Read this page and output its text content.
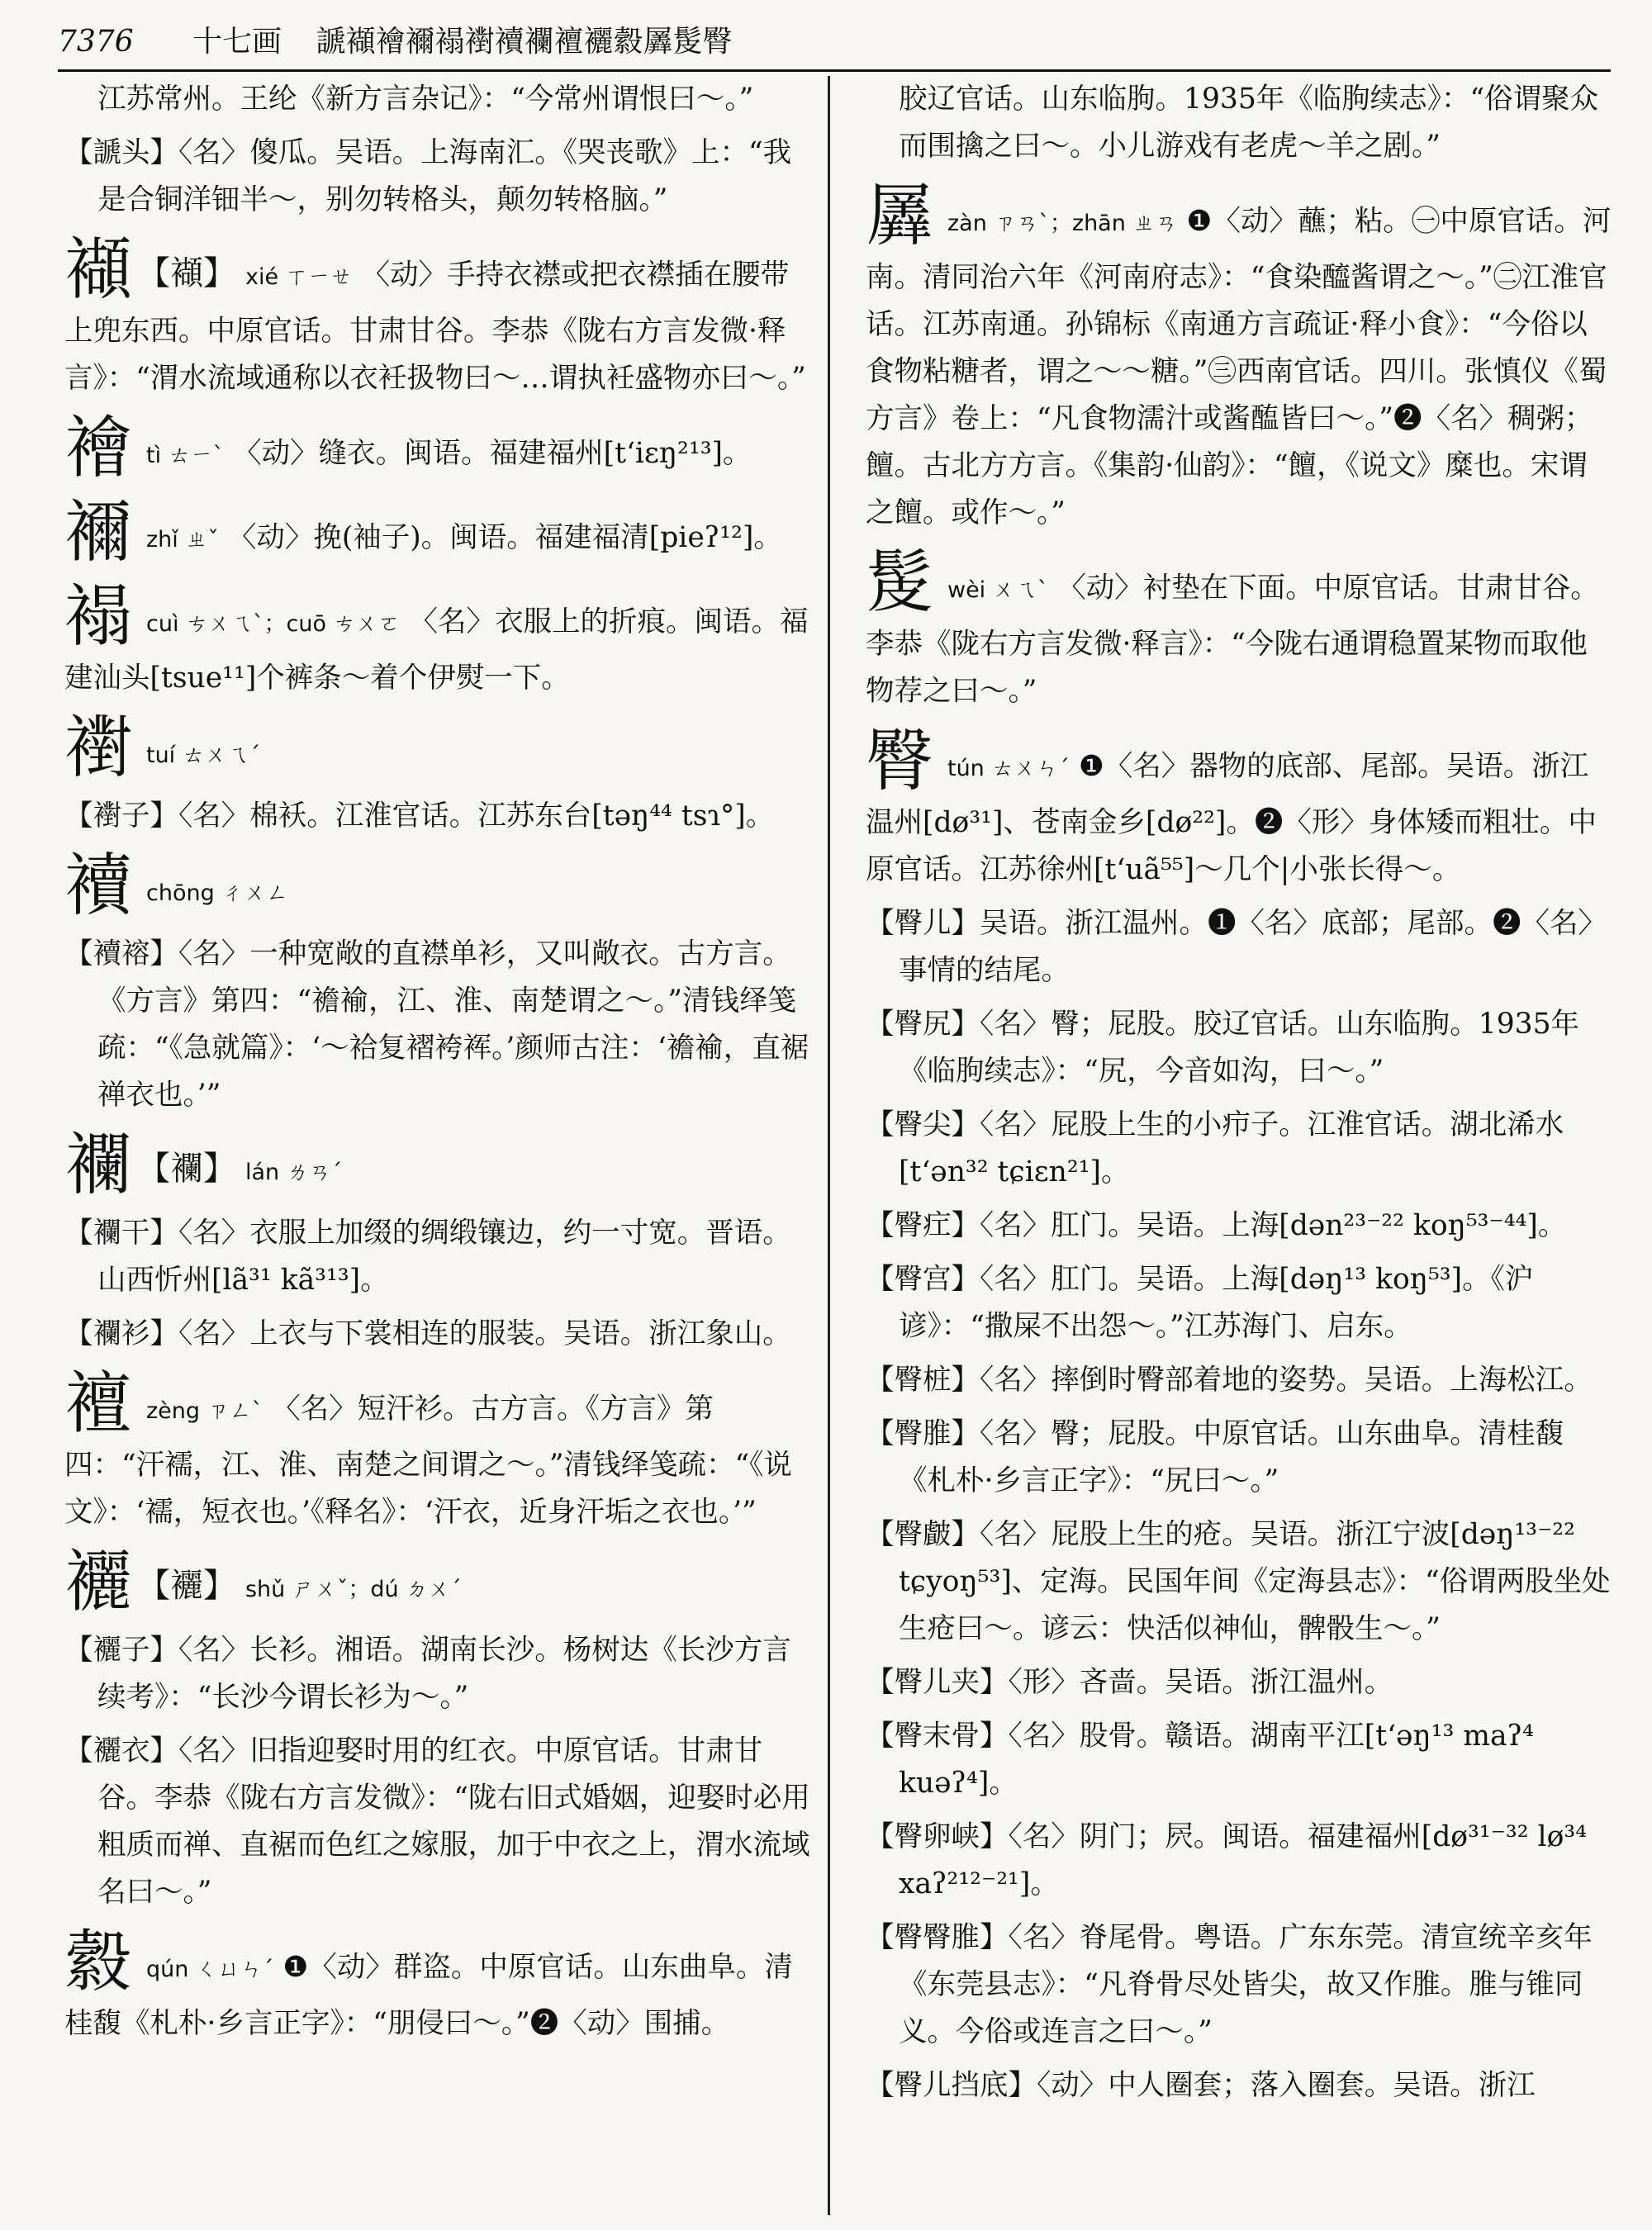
7376 十七画 謕襭襘襧褟襨襩襴襢襹縠羼髲臀

江苏常州。王纶《新方言杂记》：“今常州谓恨曰～。”

【謕头】〈名〉傻瓜。吴语。上海南汇。《哭丧歌》上：“我是合铜洋钿半～，别勿转格头，颠勿转格脑。”

襭 【襭】 xié ㄒㄧㄝ 〈动〉手持衣襟或把衣襟插在腰带上兜东西。中原官话。甘肃甘谷。李恭《陇右方言发微·释言》：“渭水流域通称以衣衽扱物曰～…谓执衽盛物亦曰～。”

襘 tì ㄊㄧˋ 〈动〉缝衣。闽语。福建福州[t‘iɛŋ²¹³]。

襧 zhǐ ㄓˇ 〈动〉挽(袖子)。闽语。福建福清[pieʔ¹²]。

褟 cuì ㄘㄨㄟˋ；cuō ㄘㄨㄛ 〈名〉衣服上的折痕。闽语。福建汕头[tsue¹¹]个裤条～着个伊熨一下。

襨 tuí ㄊㄨㄟˊ

【襨子】〈名〉棉袄。江淮官话。江苏东台[təŋ⁴⁴ tsɿ°]。

襩 chōng ㄔㄨㄥ

【襩褣】〈名〉一种宽敞的直襟单衫，又叫敞衣。古方言。《方言》第四：“襜褕，江、淮、南楚谓之～。”清钱绎笺疏：“《急就篇》：‘～袷复褶袴裈。’颜师古注：‘襜褕，直裾禅衣也。’”

襴 【襴】 lán ㄌㄢˊ

【襴干】〈名〉衣服上加缀的绸缎镶边，约一寸宽。晋语。山西忻州[lã³¹ kã³¹³]。

【襴衫】〈名〉上衣与下裳相连的服装。吴语。浙江象山。

襢 zèng ㄗㄥˋ 〈名〉短汗衫。古方言。《方言》第四：“汗襦，江、淮、南楚之间谓之～。”清钱绎笺疏：“《说文》：‘襦，短衣也。’《释名》：‘汗衣，近身汗垢之衣也。’”

襹 【襹】 shǔ ㄕㄨˇ；dú ㄉㄨˊ

【襹子】〈名〉长衫。湘语。湖南长沙。杨树达《长沙方言续考》：“长沙今谓长衫为～。”

【襹衣】〈名〉旧指迎娶时用的红衣。中原官话。甘肃甘谷。李恭《陇右方言发微》：“陇右旧式婚姻，迎娶时必用粗质而禅、直裾而色红之嫁服，加于中衣之上，渭水流域名曰～。”

縠 qún ㄑㄩㄣˊ ❶〈动〉群盗。中原官话。山东曲阜。清桂馥《札朴·乡言正字》：“朋侵曰～。”❷〈动〉围捕。

胶辽官话。山东临朐。1935年《临朐续志》：“俗谓聚众而围擒之曰～。小儿游戏有老虎～羊之剧。”

羼 zàn ㄗㄢˋ；zhān ㄓㄢ ❶〈动〉蘸；粘。㊀中原官话。河南。清同治六年《河南府志》：“食染醯酱谓之～。”㊁江淮官话。江苏南通。孙锦标《南通方言疏证·释小食》：“今俗以食物粘糖者，谓之～～糖。”㊂西南官话。四川。张慎仪《蜀方言》卷上：“凡食物濡汁或酱醢皆曰～。”❷〈名〉稠粥；饘。古北方方言。《集韵·仙韵》：“饘，《说文》糜也。宋谓之饘。或作～。”

髲 wèi ㄨㄟˋ 〈动〉衬垫在下面。中原官话。甘肃甘谷。李恭《陇右方言发微·释言》：“今陇右通谓稳置某物而取他物荐之曰～。”

臀 tún ㄊㄨㄣˊ ❶〈名〉器物的底部、尾部。吴语。浙江温州[dø³¹]、苍南金乡[dø²²]。❷〈形〉身体矮而粗壮。中原官话。江苏徐州[t‘uã⁵⁵]～几个|小张长得～。

【臀儿】吴语。浙江温州。❶〈名〉底部；尾部。❷〈名〉事情的结尾。

【臀尻】〈名〉臀；屁股。胶辽官话。山东临朐。1935年《临朐续志》：“尻，今音如沟，曰～。”

【臀尖】〈名〉屁股上生的小疖子。江淮官话。湖北浠水[t‘ən³² tɕiɛn²¹]。

【臀疘】〈名〉肛门。吴语。上海[dən²³⁻²² koŋ⁵³⁻⁴⁴]。

【臀宫】〈名〉肛门。吴语。上海[dəŋ¹³ koŋ⁵³]。《沪谚》：“撒屎不出怨～。”江苏海门、启东。

【臀桩】〈名〉摔倒时臀部着地的姿势。吴语。上海松江。

【臀脽】〈名〉臀；屁股。中原官话。山东曲阜。清桂馥《札朴·乡言正字》：“尻曰～。”

【臀皻】〈名〉屁股上生的疮。吴语。浙江宁波[dəŋ¹³⁻²² tɕyoŋ⁵³]、定海。民国年间《定海县志》：“俗谓两股坐处生疮曰～。谚云：快活似神仙，髀骰生～。”

【臀儿夹】〈形〉吝啬。吴语。浙江温州。

【臀末骨】〈名〉股骨。赣语。湖南平江[t‘əŋ¹³ maʔ⁴ kuəʔ⁴]。

【臀卵峡】〈名〉阴门；屄。闽语。福建福州[dø³¹⁻³² lø³⁴ xaʔ²¹²⁻²¹]。

【臀臀脽】〈名〉脊尾骨。粤语。广东东莞。清宣统辛亥年《东莞县志》：“凡脊骨尽处皆尖，故又作脽。脽与锥同义。今俗或连言之曰～。”

【臀儿挡底】〈动〉中人圈套；落入圈套。吴语。浙江
